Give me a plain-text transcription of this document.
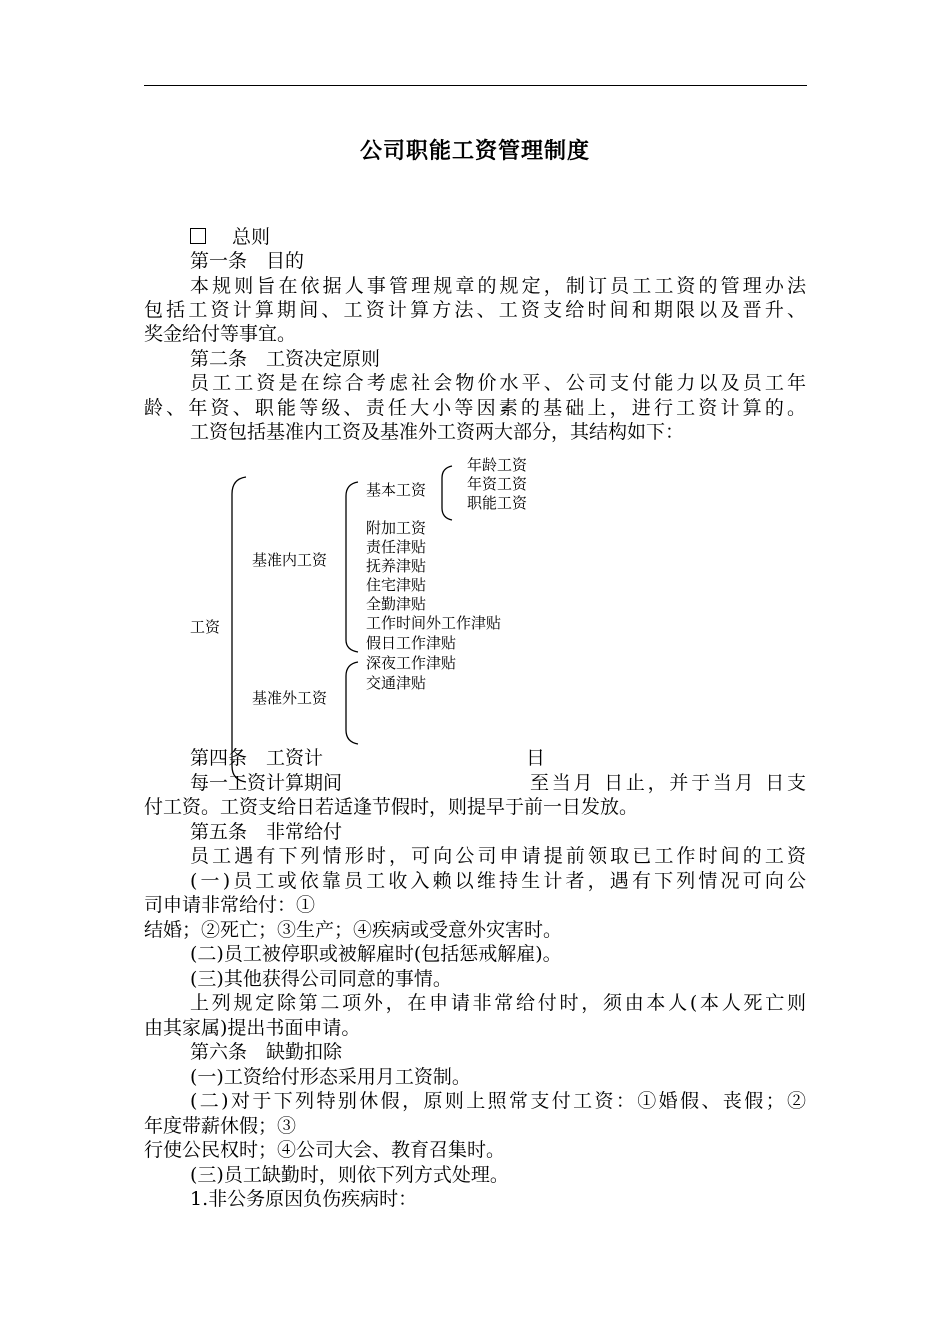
公司职能工资管理制度
总则
第一条　目的
本规则旨在依据人事管理规章的规定，制订员工工资的管理办法
包括工资计算期间、工资计算方法、工资支给时间和期限以及晋升、
奖金给付等事宜。
第二条　工资决定原则
员工工资是在综合考虑社会物价水平、公司支付能力以及员工年
龄、年资、职能等级、责任大小等因素的基础上，进行工资计算的。
工资包括基准内工资及基准外工资两大部分，其结构如下：
工资
基准内工资
基准外工资
基本工资
年龄工资
年资工资
职能工资
附加工资
责任津贴
抚养津贴
住宅津贴
全勤津贴
工作时间外工作津贴
假日工作津贴
深夜工作津贴
交通津贴
第四条　工资计	日
每一工资计算期间	至当月 日止，并于当月 日支
付工资。工资支给日若适逢节假时，则提早于前一日发放。
第五条　非常给付
员工遇有下列情形时，可向公司申请提前领取已工作时间的工资
(一)员工或依靠员工收入赖以维持生计者，遇有下列情况可向公
司申请非常给付：①
结婚；②死亡；③生产；④疾病或受意外灾害时。
(二)员工被停职或被解雇时(包括惩戒解雇)。
(三)其他获得公司同意的事情。
上列规定除第二项外，在申请非常给付时，须由本人(本人死亡则
由其家属)提出书面申请。
第六条　缺勤扣除
(一)工资给付形态采用月工资制。
(二)对于下列特别休假，原则上照常支付工资：①婚假、丧假；②
年度带薪休假；③
行使公民权时；④公司大会、教育召集时。
(三)员工缺勤时，则依下列方式处理。
1.非公务原因负伤疾病时：
